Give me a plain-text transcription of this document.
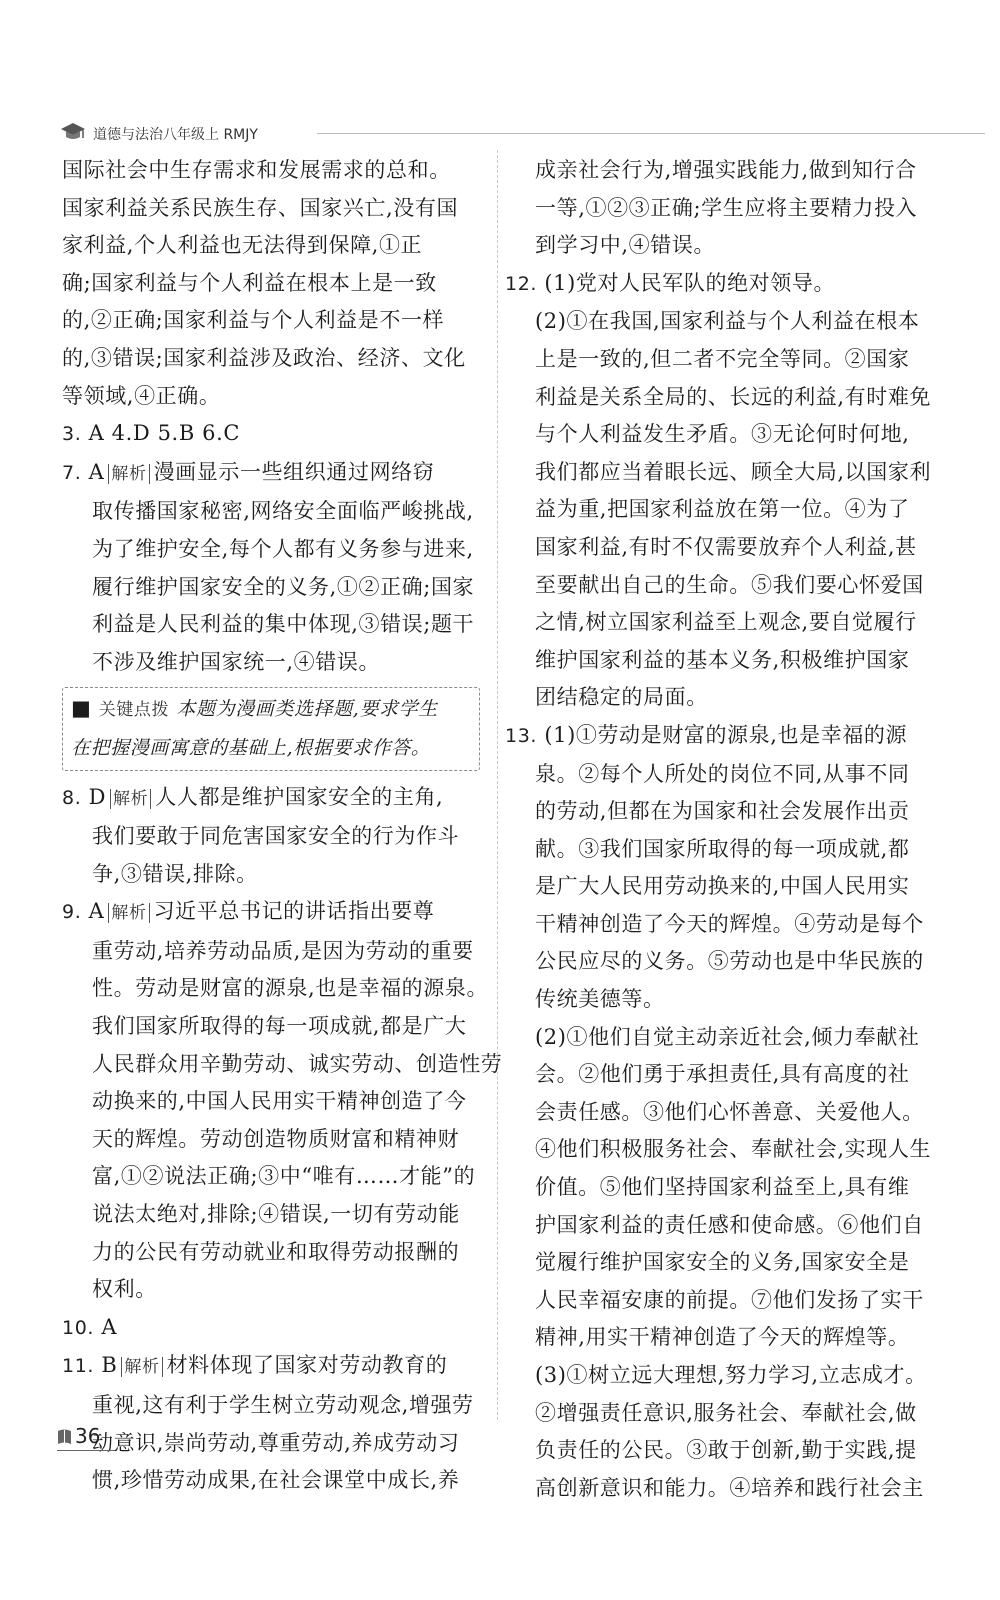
道德与法治八年级上 RMJY
国际社会中生存需求和发展需求的总和。
国家利益关系民族生存、国家兴亡,没有国
家利益,个人利益也无法得到保障,①正
确;国家利益与个人利益在根本上是一致
的,②正确;国家利益与个人利益是不一样
的,③错误;国家利益涉及政治、经济、文化
等领域,④正确。
3. A 4.D 5.B 6.C
7. A 解析 漫画显示一些组织通过网络窃
取传播国家秘密,网络安全面临严峻挑战,
为了维护安全,每个人都有义务参与进来,
履行维护国家安全的义务,①②正确;国家
利益是人民利益的集中体现,③错误;题干
不涉及维护国家统一,④错误。
■ 关键点拨 本题为漫画类选择题,要求学生
在把握漫画寓意的基础上,根据要求作答。
8. D 解析 人人都是维护国家安全的主角,
我们要敢于同危害国家安全的行为作斗
争,③错误,排除。
9. A 解析 习近平总书记的讲话指出要尊
重劳动,培养劳动品质,是因为劳动的重要
性。劳动是财富的源泉,也是幸福的源泉。
我们国家所取得的每一项成就,都是广大
人民群众用辛勤劳动、诚实劳动、创造性劳
动换来的,中国人民用实干精神创造了今
天的辉煌。劳动创造物质财富和精神财
富,①②说法正确;③中“唯有……才能”的
说法太绝对,排除;④错误,一切有劳动能
力的公民有劳动就业和取得劳动报酬的
权利。
10. A
11. B 解析 材料体现了国家对劳动教育的
重视,这有利于学生树立劳动观念,增强劳
动意识,崇尚劳动,尊重劳动,养成劳动习
惯,珍惜劳动成果,在社会课堂中成长,养
成亲社会行为,增强实践能力,做到知行合
一等,①②③正确;学生应将主要精力投入
到学习中,④错误。
12. (1)党对人民军队的绝对领导。
(2)①在我国,国家利益与个人利益在根本
上是一致的,但二者不完全等同。②国家
利益是关系全局的、长远的利益,有时难免
与个人利益发生矛盾。③无论何时何地,
我们都应当着眼长远、顾全大局,以国家利
益为重,把国家利益放在第一位。④为了
国家利益,有时不仅需要放弃个人利益,甚
至要献出自己的生命。⑤我们要心怀爱国
之情,树立国家利益至上观念,要自觉履行
维护国家利益的基本义务,积极维护国家
团结稳定的局面。
13. (1)①劳动是财富的源泉,也是幸福的源
泉。②每个人所处的岗位不同,从事不同
的劳动,但都在为国家和社会发展作出贡
献。③我们国家所取得的每一项成就,都
是广大人民用劳动换来的,中国人民用实
干精神创造了今天的辉煌。④劳动是每个
公民应尽的义务。⑤劳动也是中华民族的
传统美德等。
(2)①他们自觉主动亲近社会,倾力奉献社
会。②他们勇于承担责任,具有高度的社
会责任感。③他们心怀善意、关爱他人。
④他们积极服务社会、奉献社会,实现人生
价值。⑤他们坚持国家利益至上,具有维
护国家利益的责任感和使命感。⑥他们自
觉履行维护国家安全的义务,国家安全是
人民幸福安康的前提。⑦他们发扬了实干
精神,用实干精神创造了今天的辉煌等。
(3)①树立远大理想,努力学习,立志成才。
②增强责任意识,服务社会、奉献社会,做
负责任的公民。③敢于创新,勤于实践,提
高创新意识和能力。④培养和践行社会主
36
